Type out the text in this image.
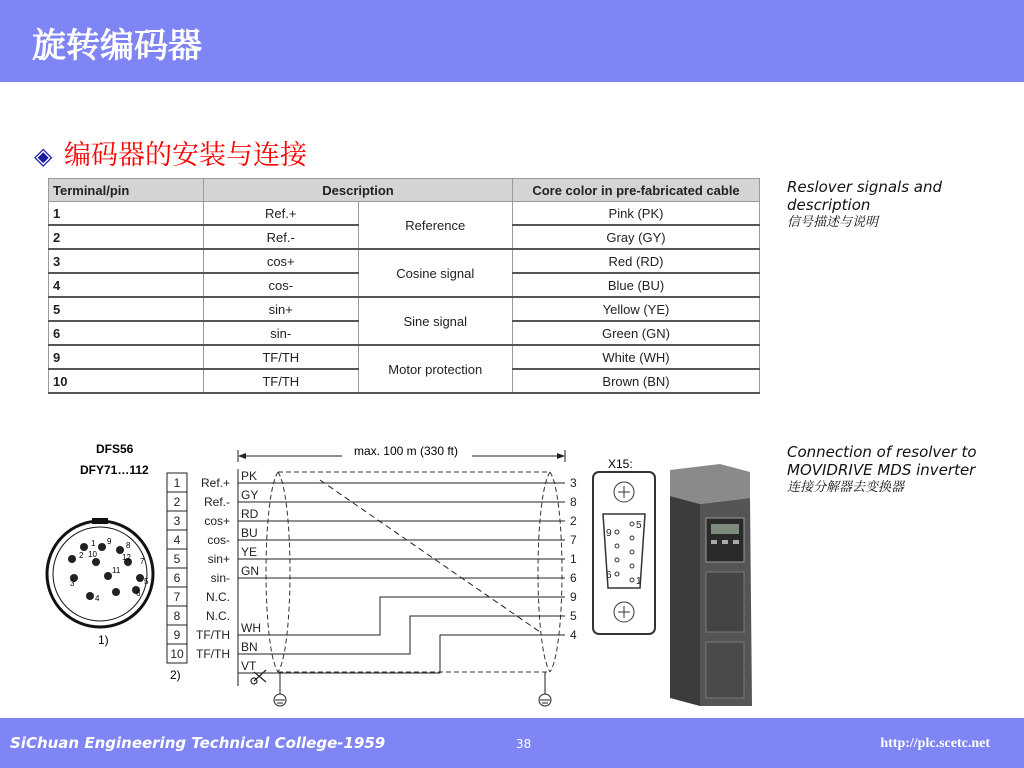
旋转编码器
◈ 编码器的安装与连接
Terminal/pin	Description		Core color in pre-fabricated cable
1	Ref.+	Reference	Pink (PK)
2	Ref.-		Gray (GY)
3	cos+	Cosine signal	Red (RD)
4	cos-		Blue (BU)
5	sin+	Sine signal	Yellow (YE)
6	sin-		Green (GN)
9	TF/TH	Motor protection	White (WH)
10	TF/TH		Brown (BN)
Reslover signals and description
信号描述与说明
Connection of resolver to MOVIDRIVE MDS inverter
连接分解器去变换器
DFS56
DFY71…112
1
2
3
4
5
6
7
8
9
10
11
12
1)
1
2
3
4
5
6
7
8
9
10
Ref.+
Ref.-
cos+
cos-
sin+
sin-
N.C.
N.C.
TF/TH
TF/TH
2)
max. 100 m (330 ft)
PK
GY
RD
BU
YE
GN
WH
BN
VT
3
8
2
7
1
6
9
5
4
X15:
9
5
6
1
SiChuan Engineering Technical College-1959	38	http://plc.scetc.net
